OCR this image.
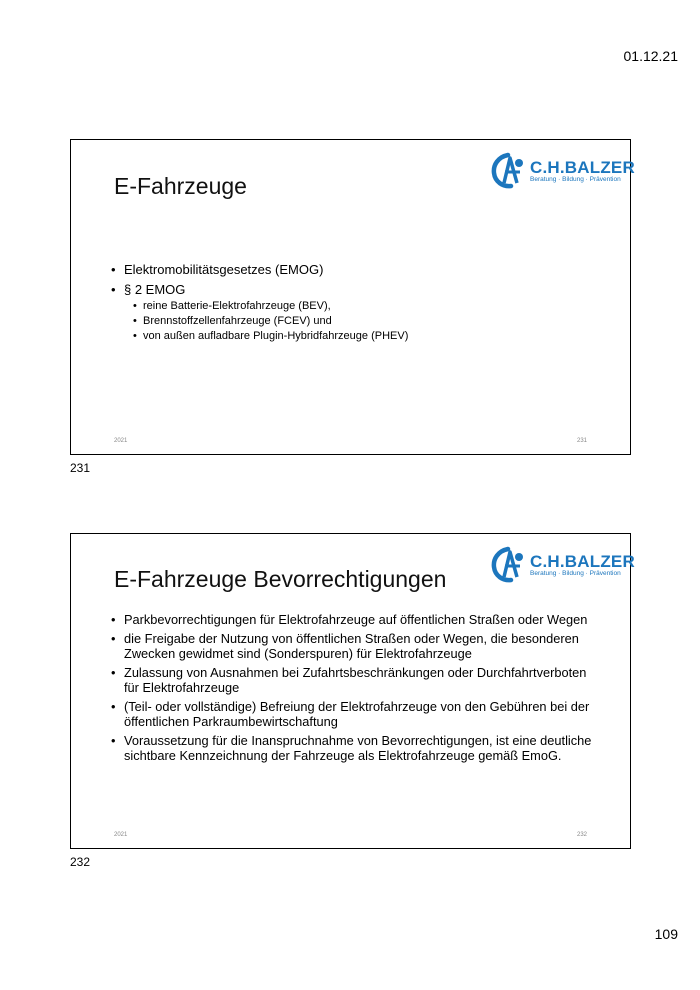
01.12.21
C.H.BALZER
Beratung · Bildung · Prävention
E-Fahrzeuge
• Elektromobilitätsgesetzes (EMOG)
• § 2 EMOG
• reine Batterie-Elektrofahrzeuge (BEV),
• Brennstoffzellenfahrzeuge (FCEV) und
• von außen aufladbare Plugin-Hybridfahrzeuge (PHEV)
2021	231
231
C.H.BALZER
Beratung · Bildung · Prävention
E-Fahrzeuge Bevorrechtigungen
• Parkbevorrechtigungen für Elektrofahrzeuge auf öffentlichen Straßen oder Wegen
• die Freigabe der Nutzung von öffentlichen Straßen oder Wegen, die besonderen Zwecken gewidmet sind (Sonderspuren) für Elektrofahrzeuge
• Zulassung von Ausnahmen bei Zufahrtsbeschränkungen oder Durchfahrtverboten für Elektrofahrzeuge
• (Teil- oder vollständige) Befreiung der Elektrofahrzeuge von den Gebühren bei der öffentlichen Parkraumbewirtschaftung
• Voraussetzung für die Inanspruchnahme von Bevorrechtigungen, ist eine deutliche sichtbare Kennzeichnung der Fahrzeuge als Elektrofahrzeuge gemäß EmoG.
2021	232
232
109
